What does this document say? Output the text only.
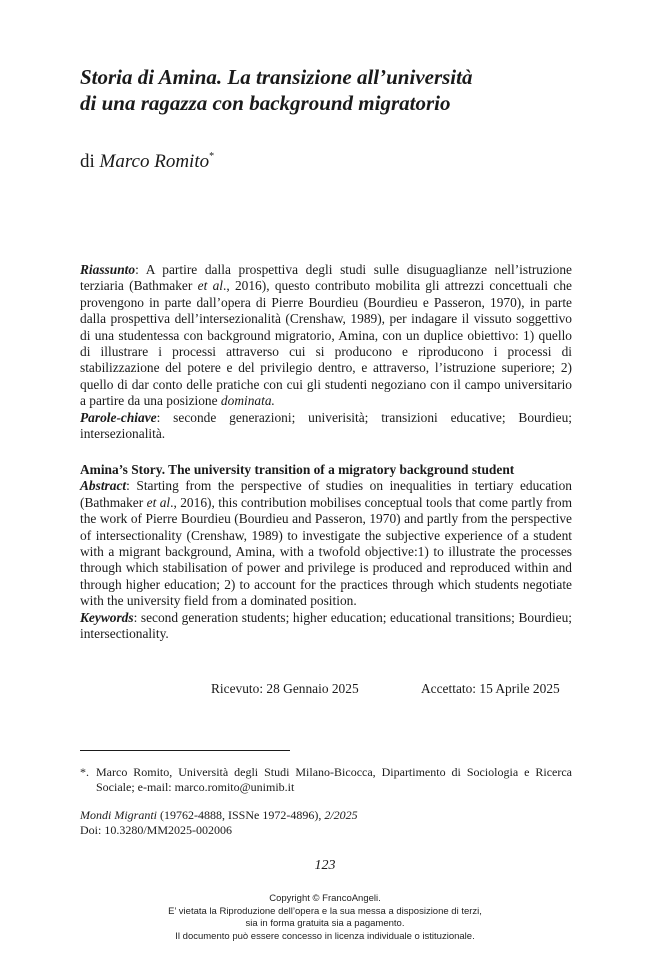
Storia di Amina. La transizione all’università
di una ragazza con background migratorio
di Marco Romito*

Riassunto: A partire dalla prospettiva degli studi sulle disuguaglianze nell’istruzione terziaria (Bathmaker et al., 2016), questo contributo mobilita gli attrezzi concettuali che provengono in parte dall’opera di Pierre Bourdieu (Bourdieu e Passeron, 1970), in parte dalla prospettiva dell’intersezionalità (Crenshaw, 1989), per indagare il vissuto soggettivo di una studentessa con background migratorio, Amina, con un duplice obiettivo: 1) quello di illustrare i processi attraverso cui si producono e riproducono i processi di stabilizzazione del potere e del privilegio dentro, e attraverso, l’istruzione superiore; 2) quello di dar conto delle pratiche con cui gli studenti negoziano con il campo universitario a partire da una posizione dominata.

Parole-chiave: seconde generazioni; univerisità; transizioni educative; Bourdieu; intersezionalità.

Amina’s Story. The university transition of a migratory background student

Abstract: Starting from the perspective of studies on inequalities in tertiary education (Bathmaker et al., 2016), this contribution mobilises conceptual tools that come partly from the work of Pierre Bourdieu (Bourdieu and Passeron, 1970) and partly from the perspective of intersectionality (Crenshaw, 1989) to investigate the subjective experience of a student with a migrant background, Amina, with a twofold objective:1) to illustrate the processes through which stabilisation of power and privilege is produced and reproduced within and through higher education; 2) to account for the practices through which students negotiate with the university field from a dominated position.

Keywords: second generation students; higher education; educational transitions; Bourdieu; intersectionality.

Ricevuto: 28 Gennaio 2025	Accettato: 15 Aprile 2025
*. Marco Romito, Università degli Studi Milano-Bicocca, Dipartimento di Sociologia e Ricerca Sociale; e-mail: marco.romito@unimib.it
Mondi Migranti (19762-4888, ISSNe 1972-4896), 2/2025
Doi: 10.3280/MM2025-002006
123
Copyright © FrancoAngeli.
E’ vietata la Riproduzione dell’opera e la sua messa a disposizione di terzi,
sia in forma gratuita sia a pagamento.
Il documento può essere concesso in licenza individuale o istituzionale.
